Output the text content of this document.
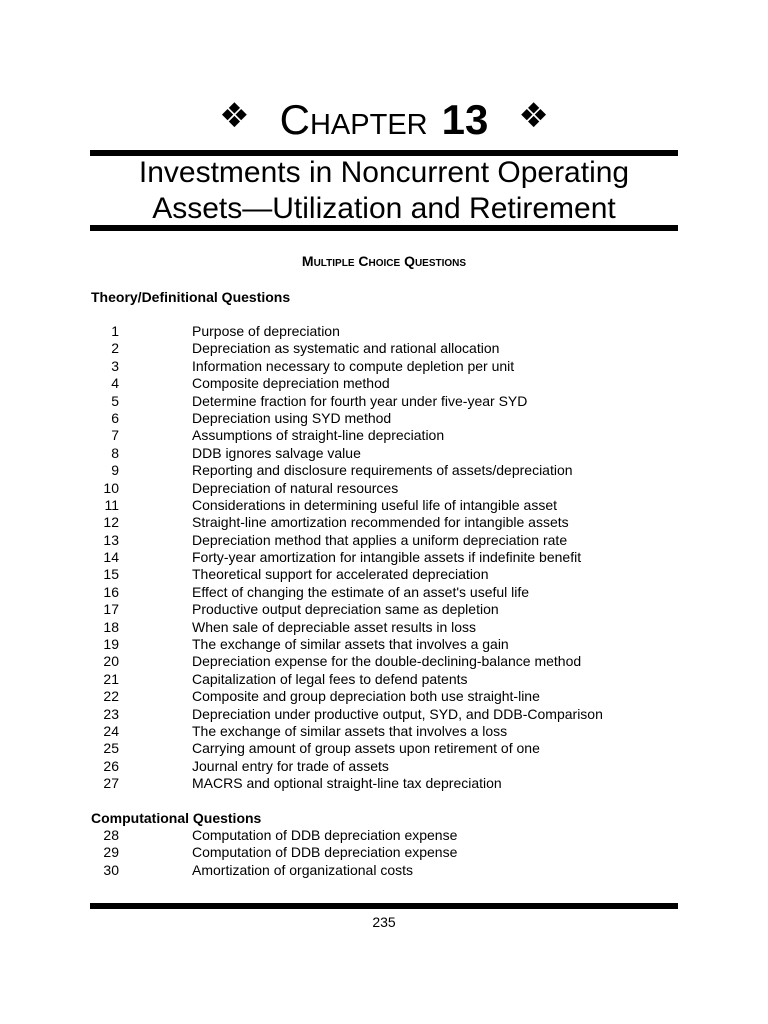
❖ Chapter 13 ❖
Investments in Noncurrent Operating
Assets—Utilization and Retirement
Multiple Choice Questions
Theory/Definitional Questions
1	Purpose of depreciation
2	Depreciation as systematic and rational allocation
3	Information necessary to compute depletion per unit
4	Composite depreciation method
5	Determine fraction for fourth year under five-year SYD
6	Depreciation using SYD method
7	Assumptions of straight-line depreciation
8	DDB ignores salvage value
9	Reporting and disclosure requirements of assets/depreciation
10	Depreciation of natural resources
11	Considerations in determining useful life of intangible asset
12	Straight-line amortization recommended for intangible assets
13	Depreciation method that applies a uniform depreciation rate
14	Forty-year amortization for intangible assets if indefinite benefit
15	Theoretical support for accelerated depreciation
16	Effect of changing the estimate of an asset's useful life
17	Productive output depreciation same as depletion
18	When sale of depreciable asset results in loss
19	The exchange of similar assets that involves a gain
20	Depreciation expense for the double-declining-balance method
21	Capitalization of legal fees to defend patents
22	Composite and group depreciation both use straight-line
23	Depreciation under productive output, SYD, and DDB-Comparison
24	The exchange of similar assets that involves a loss
25	Carrying amount of group assets upon retirement of one
26	Journal entry for trade of assets
27	MACRS and optional straight-line tax depreciation
Computational Questions
28	Computation of DDB depreciation expense
29	Computation of DDB depreciation expense
30	Amortization of organizational costs
235
